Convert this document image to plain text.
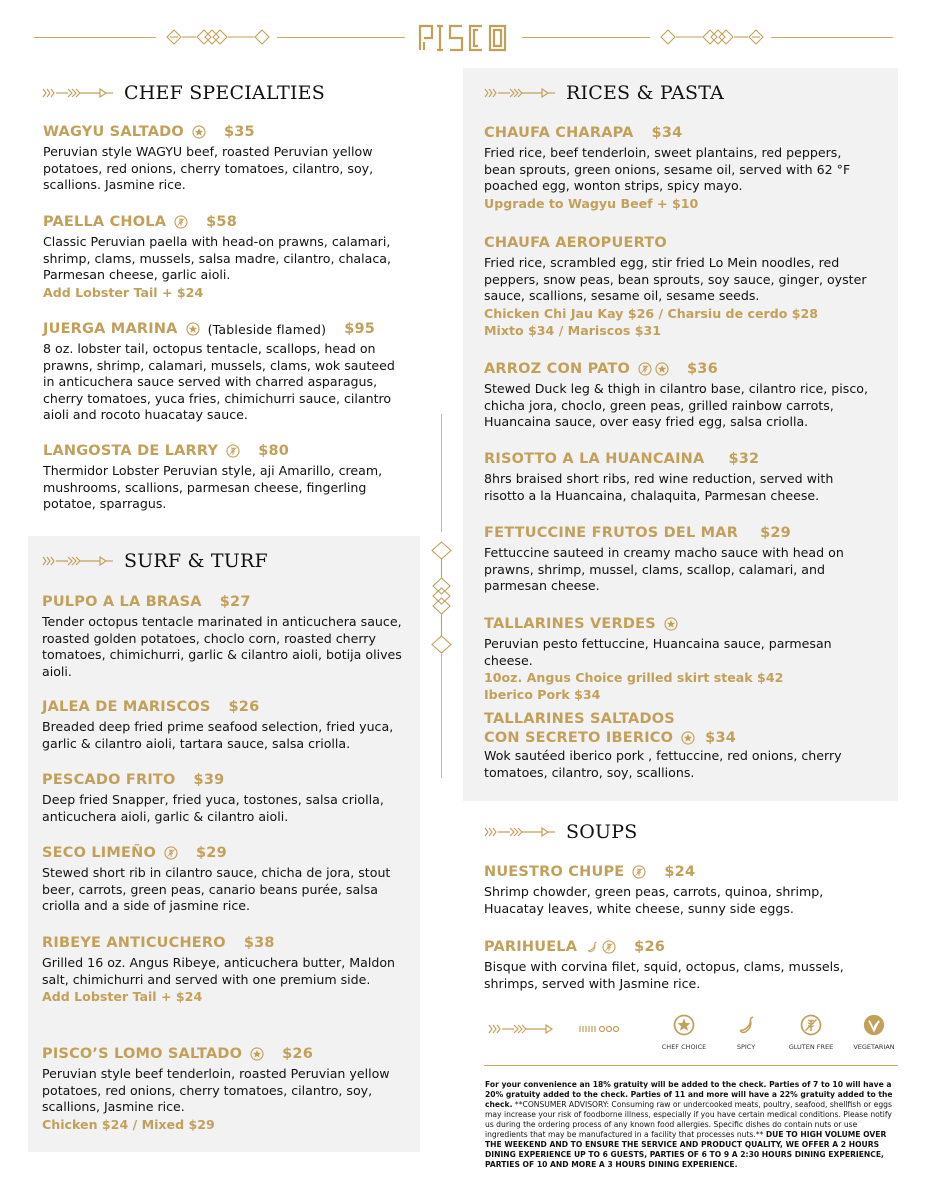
CHEF SPECIALTIES
WAGYU SALTADO	$35
Peruvian style WAGYU beef, roasted Peruvian yellow potatoes, red onions, cherry tomatoes, cilantro, soy, scallions. Jasmine rice.
PAELLA CHOLA	$58
Classic Peruvian paella with head-on prawns, calamari, shrimp, clams, mussels, salsa madre, cilantro, chalaca, Parmesan cheese, garlic aioli.
Add Lobster Tail + $24
JUERGA MARINA (Tableside flamed) $95
8 oz. lobster tail, octopus tentacle, scallops, head on prawns, shrimp, calamari, mussels, clams, wok sauteed in anticuchera sauce served with charred asparagus, cherry tomatoes, yuca fries, chimichurri sauce, cilantro aioli and rocoto huacatay sauce.
LANGOSTA DE LARRY	$80
Thermidor Lobster Peruvian style, aji Amarillo, cream, mushrooms, scallions, parmesan cheese, fingerling potatoe, sparragus.
SURF & TURF
PULPO A LA BRASA $27
Tender octopus tentacle marinated in anticuchera sauce, roasted golden potatoes, choclo corn, roasted cherry tomatoes, chimichurri, garlic & cilantro aioli, botija olives aioli.
JALEA DE MARISCOS $26
Breaded deep fried prime seafood selection, fried yuca, garlic & cilantro aioli, tartara sauce, salsa criolla.
PESCADO FRITO $39
Deep fried Snapper, fried yuca, tostones, salsa criolla, anticuchera aioli, garlic & cilantro aioli.
SECO LIMEÑO	$29
Stewed short rib in cilantro sauce, chicha de jora, stout beer, carrots, green peas, canario beans purée, salsa criolla and a side of jasmine rice.
RIBEYE ANTICUCHERO $38
Grilled 16 oz. Angus Ribeye, anticuchera butter, Maldon salt, chimichurri and served with one premium side.
Add Lobster Tail + $24
PISCO’S LOMO SALTADO	$26
Peruvian style beef tenderloin, roasted Peruvian yellow potatoes, red onions, cherry tomatoes, cilantro, soy, scallions, Jasmine rice.
Chicken $24 / Mixed $29
RICES & PASTA
CHAUFA CHARAPA $34
Fried rice, beef tenderloin, sweet plantains, red peppers, bean sprouts, green onions, sesame oil, served with 62 °F poached egg, wonton strips, spicy mayo.
Upgrade to Wagyu Beef + $10
CHAUFA AEROPUERTO
Fried rice, scrambled egg, stir fried Lo Mein noodles, red peppers, snow peas, bean sprouts, soy sauce, ginger, oyster sauce, scallions, sesame oil, sesame seeds.
Chicken Chi Jau Kay $26 / Charsiu de cerdo $28
Mixto $34 / Mariscos $31
ARROZ CON PATO	$36
Stewed Duck leg & thigh in cilantro base, cilantro rice, pisco, chicha jora, choclo, green peas, grilled rainbow carrots, Huancaina sauce, over easy fried egg, salsa criolla.
RISOTTO A LA HUANCAINA $32
8hrs braised short ribs, red wine reduction, served with risotto a la Huancaina, chalaquita, Parmesan cheese.
FETTUCCINE FRUTOS DEL MAR $29
Fettuccine sauteed in creamy macho sauce with head on prawns, shrimp, mussel, clams, scallop, calamari, and parmesan cheese.
TALLARINES VERDES
Peruvian pesto fettuccine, Huancaina sauce, parmesan cheese.
10oz. Angus Choice grilled skirt steak $42
Iberico Pork $34
TALLARINES SALTADOS
CON SECRETO IBERICO $34
Wok sautéed iberico pork , fettuccine, red onions, cherry tomatoes, cilantro, soy, scallions.
SOUPS
NUESTRO CHUPE	$24
Shrimp chowder, green peas, carrots, quinoa, shrimp, Huacatay leaves, white cheese, sunny side eggs.
PARIHUELA	$26
Bisque with corvina filet, squid, octopus, clams, mussels, shrimps, served with Jasmine rice.
CHEF CHOICE	SPICY	GLUTEN FREE	VEGETARIAN
For your convenience an 18% gratuity will be added to the check. Parties of 7 to 10 will have a 20% gratuity added to the check. Parties of 11 and more will have a 22% gratuity added to the check. **CONSUMER ADVISORY: Consuming raw or undercooked meats, poultry, seafood, shellfish or eggs may increase your risk of foodborne illness, especially if you have certain medical conditions. Please notify us during the ordering process of any known food allergies. Specific dishes do contain nuts or use ingredients that may be manufactured in a facility that processes nuts.** DUE TO HIGH VOLUME OVER THE WEEKEND AND TO ENSURE THE SERVICE AND PRODUCT QUALITY, WE OFFER A 2 HOURS DINING EXPERIENCE UP TO 6 GUESTS, PARTIES OF 6 TO 9 A 2:30 HOURS DINING EXPERIENCE, PARTIES OF 10 AND MORE A 3 HOURS DINING EXPERIENCE.
